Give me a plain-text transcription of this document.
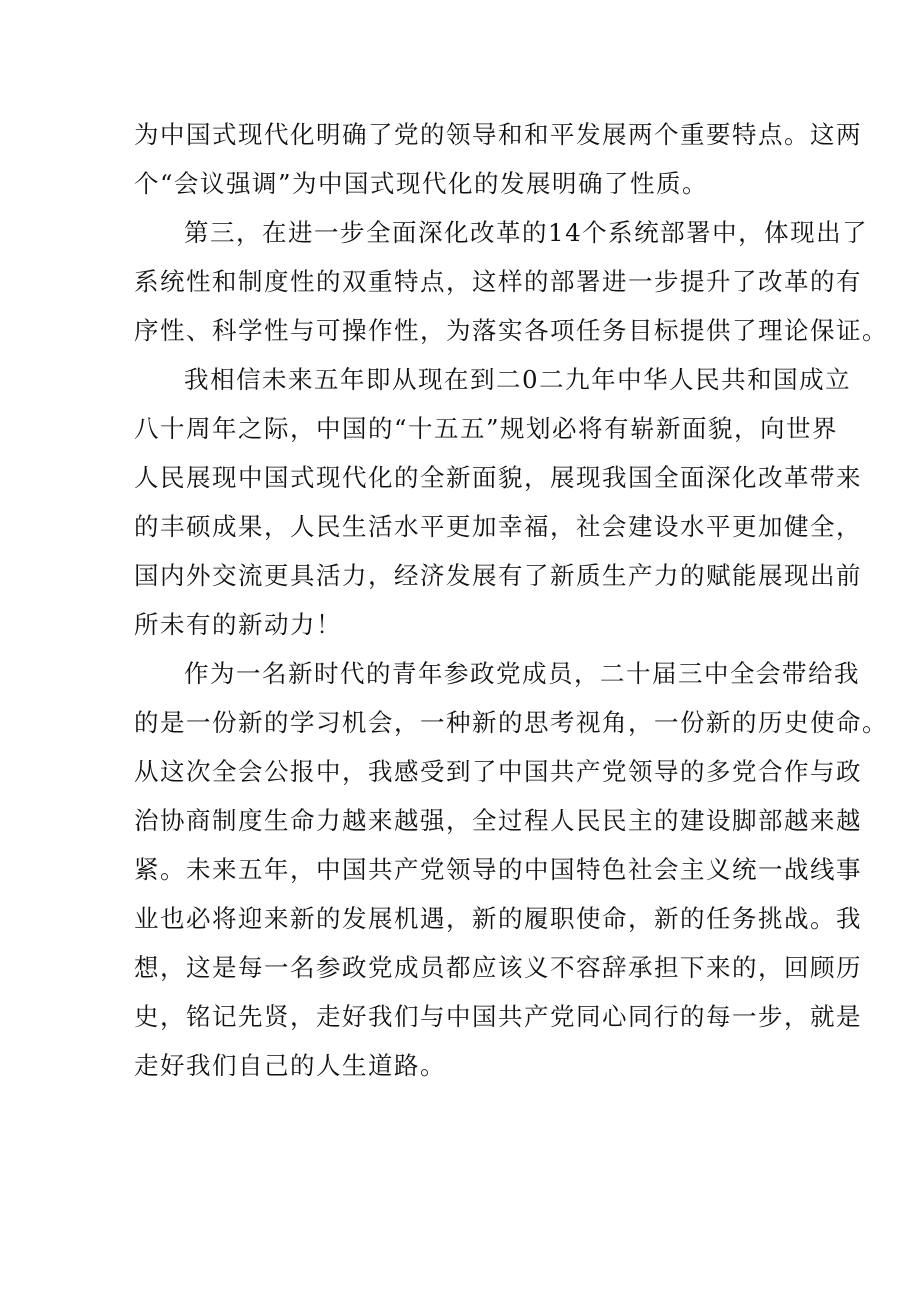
为中国式现代化明确了党的领导和和平发展两个重要特点。这两
个“会议强调”为中国式现代化的发展明确了性质。
第三，在进一步全面深化改革的14个系统部署中，体现出了
系统性和制度性的双重特点，这样的部署进一步提升了改革的有
序性、科学性与可操作性，为落实各项任务目标提供了理论保证。
我相信未来五年即从现在到二0二九年中华人民共和国成立
八十周年之际，中国的“十五五”规划必将有崭新面貌，向世界
人民展现中国式现代化的全新面貌，展现我国全面深化改革带来
的丰硕成果，人民生活水平更加幸福，社会建设水平更加健全，
国内外交流更具活力，经济发展有了新质生产力的赋能展现出前
所未有的新动力！
作为一名新时代的青年参政党成员，二十届三中全会带给我
的是一份新的学习机会，一种新的思考视角，一份新的历史使命。
从这次全会公报中，我感受到了中国共产党领导的多党合作与政
治协商制度生命力越来越强，全过程人民民主的建设脚部越来越
紧。未来五年，中国共产党领导的中国特色社会主义统一战线事
业也必将迎来新的发展机遇，新的履职使命，新的任务挑战。我
想，这是每一名参政党成员都应该义不容辞承担下来的，回顾历
史，铭记先贤，走好我们与中国共产党同心同行的每一步，就是
走好我们自己的人生道路。
